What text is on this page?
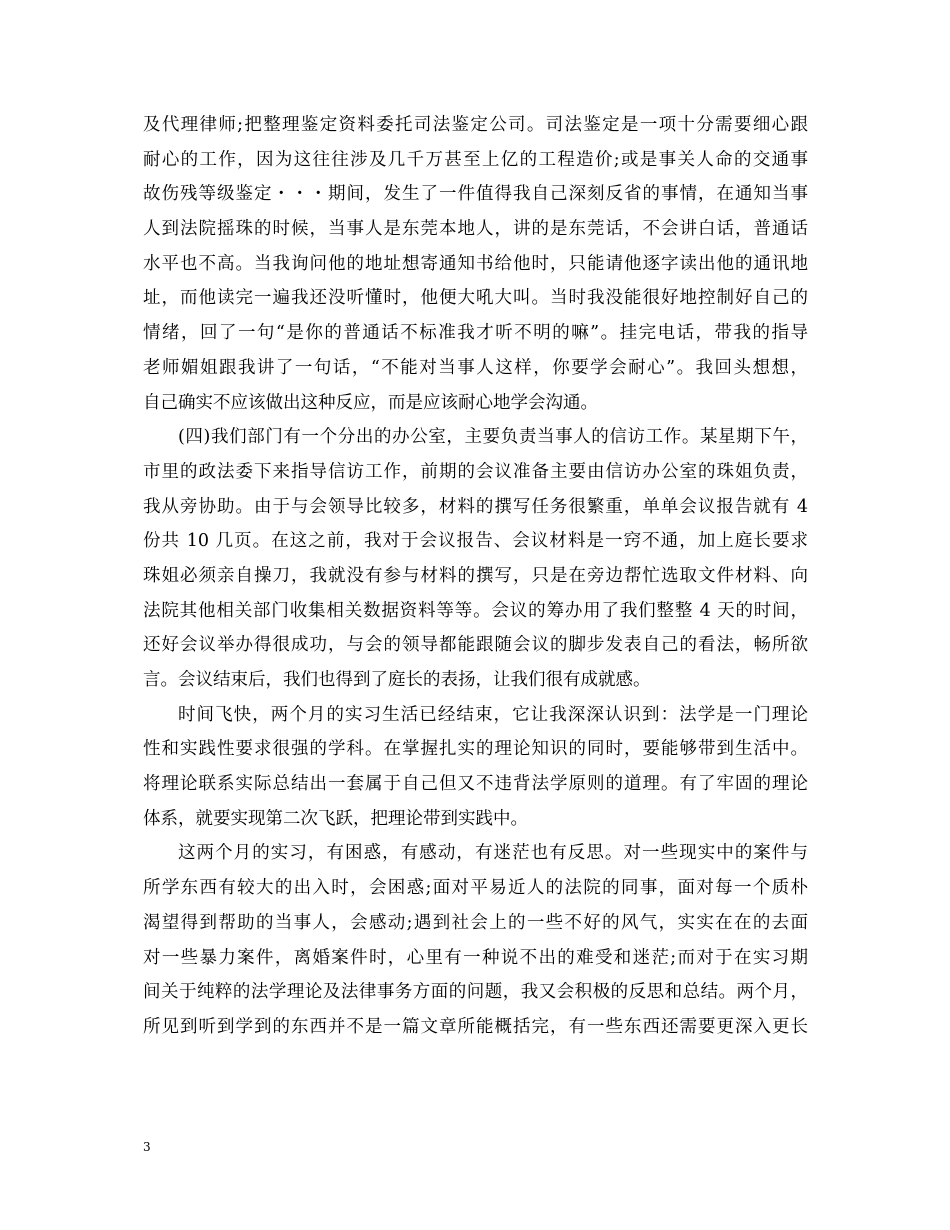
及代理律师;把整理鉴定资料委托司法鉴定公司。司法鉴定是一项十分需要细心跟
耐心的工作，因为这往往涉及几千万甚至上亿的工程造价;或是事关人命的交通事
故伤残等级鉴定・・・期间，发生了一件值得我自己深刻反省的事情，在通知当事
人到法院摇珠的时候，当事人是东莞本地人，讲的是东莞话，不会讲白话，普通话
水平也不高。当我询问他的地址想寄通知书给他时，只能请他逐字读出他的通讯地
址，而他读完一遍我还没听懂时，他便大吼大叫。当时我没能很好地控制好自己的
情绪，回了一句“是你的普通话不标准我才听不明的嘛”。挂完电话，带我的指导
老师媚姐跟我讲了一句话，“不能对当事人这样，你要学会耐心”。我回头想想，
自己确实不应该做出这种反应，而是应该耐心地学会沟通。
(四)我们部门有一个分出的办公室，主要负责当事人的信访工作。某星期下午，
市里的政法委下来指导信访工作，前期的会议准备主要由信访办公室的珠姐负责，
我从旁协助。由于与会领导比较多，材料的撰写任务很繁重，单单会议报告就有 4
份共 10 几页。在这之前，我对于会议报告、会议材料是一窍不通，加上庭长要求
珠姐必须亲自操刀，我就没有参与材料的撰写，只是在旁边帮忙选取文件材料、向
法院其他相关部门收集相关数据资料等等。会议的筹办用了我们整整 4 天的时间，
还好会议举办得很成功，与会的领导都能跟随会议的脚步发表自己的看法，畅所欲
言。会议结束后，我们也得到了庭长的表扬，让我们很有成就感。
时间飞快，两个月的实习生活已经结束，它让我深深认识到：法学是一门理论
性和实践性要求很强的学科。在掌握扎实的理论知识的同时，要能够带到生活中。
将理论联系实际总结出一套属于自己但又不违背法学原则的道理。有了牢固的理论
体系，就要实现第二次飞跃，把理论带到实践中。
这两个月的实习，有困惑，有感动，有迷茫也有反思。对一些现实中的案件与
所学东西有较大的出入时，会困惑;面对平易近人的法院的同事，面对每一个质朴
渴望得到帮助的当事人，会感动;遇到社会上的一些不好的风气，实实在在的去面
对一些暴力案件，离婚案件时，心里有一种说不出的难受和迷茫;而对于在实习期
间关于纯粹的法学理论及法律事务方面的问题，我又会积极的反思和总结。两个月，
所见到听到学到的东西并不是一篇文章所能概括完，有一些东西还需要更深入更长
3
